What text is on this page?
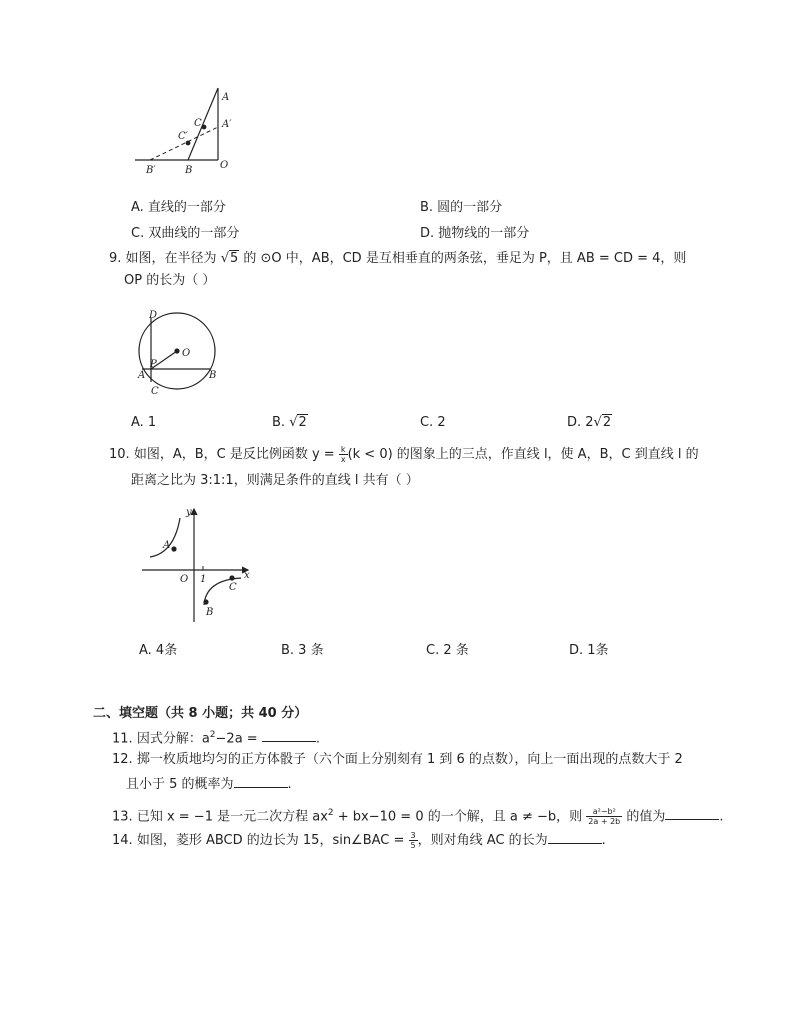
A
A′
C
C′
O
B
B′
A. 直线的一部分	B. 圆的一部分
C. 双曲线的一部分	D. 抛物线的一部分
9. 如图，在半径为 √5 的 ⊙O 中，AB，CD 是互相垂直的两条弦，垂足为 P，且 AB = CD = 4，则
OP 的长为（ ）
D
O
P
A	B
C
A. 1	B. √2	C. 2	D. 2√2
10. 如图，A，B，C 是反比例函数 $y = \frac{k}{x} (k < 0)$ 的图象上的三点，作直线 l，使 A，B，C 到直线 l 的
距离之比为 3:1:1，则满足条件的直线 l 共有（ ）
y
x
O 1
A
B
C
A. 4条	B. 3 条	C. 2 条	D. 1条
二、填空题（共 8 小题；共 40 分）
11. 因式分解：$a^2-2a$ =	.
12. 掷一枚质地均匀的正方体骰子（六个面上分别刻有 1 到 6 的点数），向上一面出现的点数大于 2
且小于 5 的概率为	.
13. 已知 x = −1 是一元二次方程 $ax^2 + bx-10 = 0$ 的一个解，且 a ≠ −b，则 $\frac{\text{a²−b²}}{2a + 2b}$ 的值为	.
14. 如图，菱形 ABCD 的边长为 15，sin∠BAC = $\frac{3}{5}$ ，则对角线 AC 的长为	.
